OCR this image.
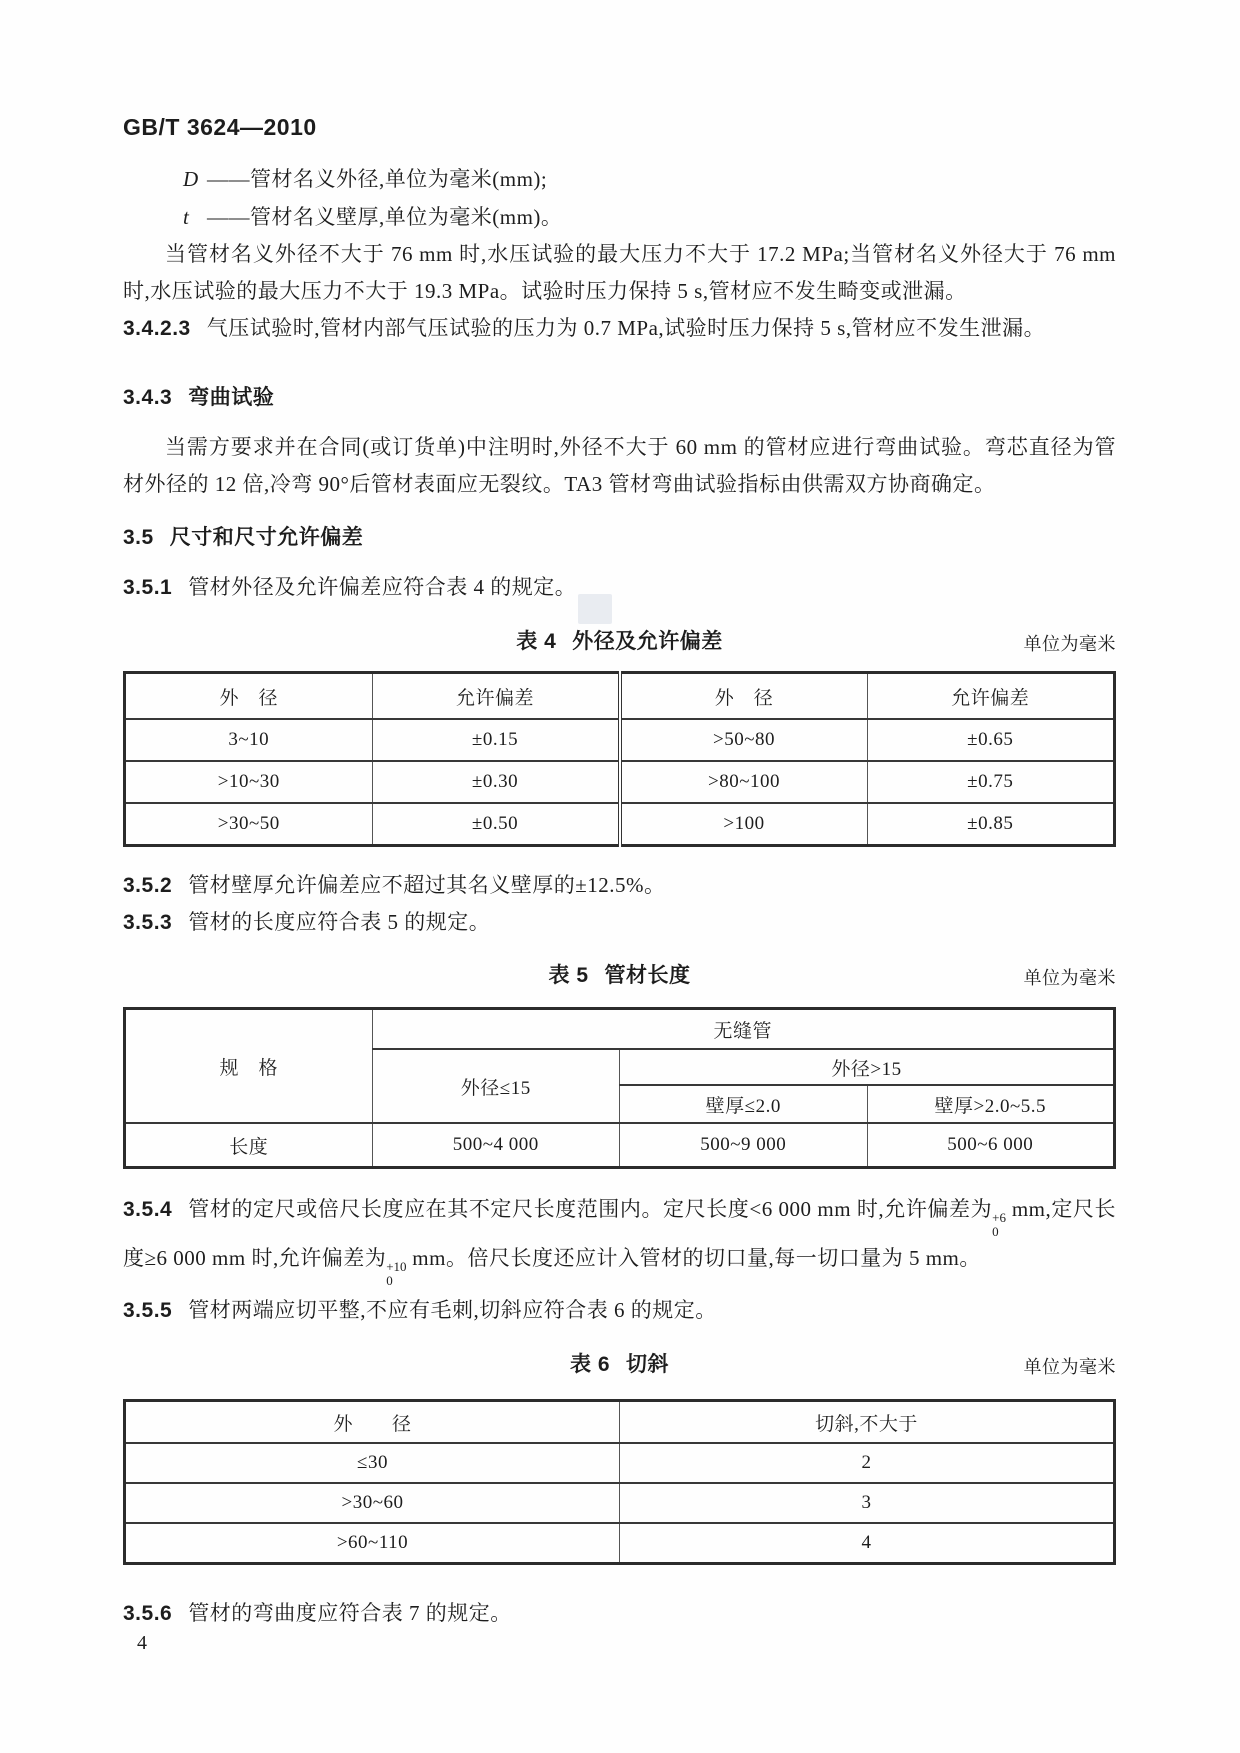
GB/T 3624—2010
D ——管材名义外径,单位为毫米(mm);
t ——管材名义壁厚,单位为毫米(mm)。

当管材名义外径不大于 76 mm 时,水压试验的最大压力不大于 17.2 MPa;当管材名义外径大于 76 mm 时,水压试验的最大压力不大于 19.3 MPa。试验时压力保持 5 s,管材应不发生畸变或泄漏。

3.4.2.3 气压试验时,管材内部气压试验的压力为 0.7 MPa,试验时压力保持 5 s,管材应不发生泄漏。

3.4.3 弯曲试验

当需方要求并在合同(或订货单)中注明时,外径不大于 60 mm 的管材应进行弯曲试验。弯芯直径为管材外径的 12 倍,冷弯 90°后管材表面应无裂纹。TA3 管材弯曲试验指标由供需双方协商确定。

3.5 尺寸和尺寸允许偏差

3.5.1 管材外径及允许偏差应符合表 4 的规定。

表 4 外径及允许偏差	单位为毫米
外　径	允许偏差	外　径	允许偏差
3~10	±0.15	>50~80	±0.65
>10~30	±0.30	>80~100	±0.75
>30~50	±0.50	>100	±0.85

3.5.2 管材壁厚允许偏差应不超过其名义壁厚的±12.5%。

3.5.3 管材的长度应符合表 5 的规定。

表 5 管材长度	单位为毫米
规　格	无缝管		
	外径≤15	外径>15	
		壁厚≤2.0	壁厚>2.0~5.5
长度	500~4 000	500~9 000	500~6 000

3.5.4 管材的定尺或倍尺长度应在其不定尺长度范围内。定尺长度<6 000 mm 时,允许偏差为 +6
0
mm,定尺长度≥6 000 mm 时,允许偏差为 +10
0
mm。倍尺长度还应计入管材的切口量,每一切口量为 5 mm。

3.5.5 管材两端应切平整,不应有毛刺,切斜应符合表 6 的规定。

表 6 切斜	单位为毫米
外　　径	切斜,不大于
≤30	2
>30~60	3
>60~110	4

3.5.6 管材的弯曲度应符合表 7 的规定。

4
